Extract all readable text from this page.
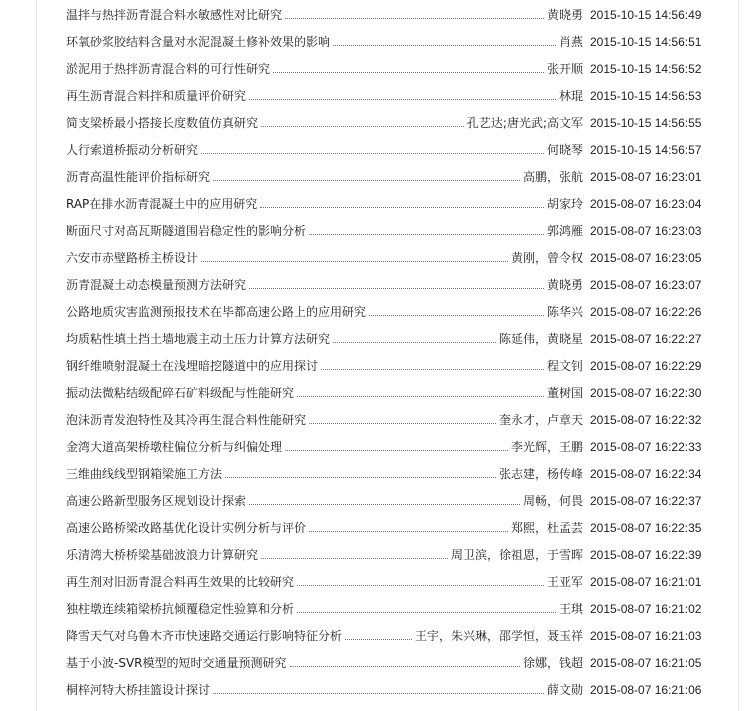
温拌与热拌沥青混合料水敏感性对比研究	黄晓勇 2015-10-15 14:56:49
环氧砂浆胶结料含量对水泥混凝土修补效果的影响	肖燕 2015-10-15 14:56:51
淤泥用于热拌沥青混合料的可行性研究	张开顺 2015-10-15 14:56:52
再生沥青混合料拌和质量评价研究	林琨 2015-10-15 14:56:53
简支梁桥最小搭接长度数值仿真研究	孔艺达;唐光武;高文军 2015-10-15 14:56:55
人行索道桥振动分析研究	何晓琴 2015-10-15 14:56:57
沥青高温性能评价指标研究	高鹏，张航 2015-08-07 16:23:01
RAP在排水沥青混凝土中的应用研究	胡家玲 2015-08-07 16:23:04
断面尺寸对高瓦斯隧道围岩稳定性的影响分析	郭鸿雁 2015-08-07 16:23:03
六安市赤壁路桥主桥设计	黄刚，曾令权 2015-08-07 16:23:05
沥青混凝土动态模量预测方法研究	黄晓勇 2015-08-07 16:23:07
公路地质灾害监测预报技术在毕都高速公路上的应用研究	陈华兴 2015-08-07 16:22:26
均质粘性填土挡土墙地震主动土压力计算方法研究	陈延伟，黄晓星 2015-08-07 16:22:27
钢纤维喷射混凝土在浅埋暗挖隧道中的应用探讨	程文钊 2015-08-07 16:22:29
振动法微粘结级配碎石矿料级配与性能研究	董树国 2015-08-07 16:22:30
泡沫沥青发泡特性及其冷再生混合料性能研究	奎永才，卢章天 2015-08-07 16:22:32
金湾大道高架桥墩柱偏位分析与纠偏处理	李光辉，王鹏 2015-08-07 16:22:33
三维曲线线型钢箱梁施工方法	张志建，杨传峰 2015-08-07 16:22:34
高速公路新型服务区规划设计探索	周畅，何畏 2015-08-07 16:22:37
高速公路桥梁改路基优化设计实例分析与评价	郑熙，杜孟芸 2015-08-07 16:22:35
乐清湾大桥桥梁基础波浪力计算研究	周卫滨，徐祖恩，于雪晖 2015-08-07 16:22:39
再生剂对旧沥青混合料再生效果的比较研究	王亚军 2015-08-07 16:21:01
独柱墩连续箱梁桥抗倾覆稳定性验算和分析	王琪 2015-08-07 16:21:02
降雪天气对乌鲁木齐市快速路交通运行影响特征分析	王宇，朱兴琳，邵学恒，聂玉祥 2015-08-07 16:21:03
基于小波-SVR模型的短时交通量预测研究	徐娜，钱超 2015-08-07 16:21:05
桐梓河特大桥挂篮设计探讨	薛文勋 2015-08-07 16:21:06
